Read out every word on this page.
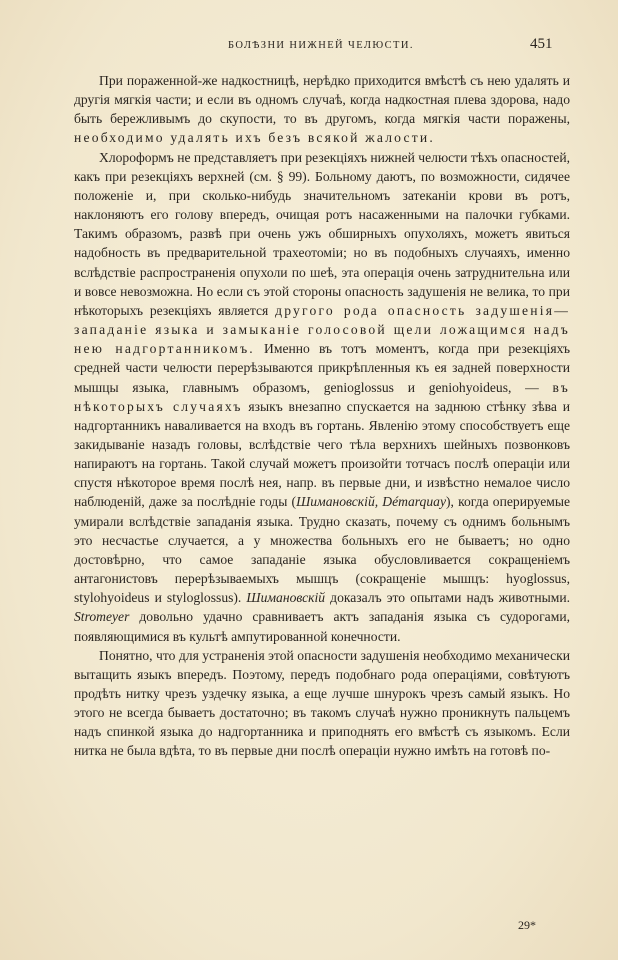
БОЛѢЗНИ НИЖНЕЙ ЧЕЛЮСТИ.	451

При пораженной-же надкостницѣ, нерѣдко приходится вмѣстѣ съ нею удалять и другія мягкія части; и если въ одномъ случаѣ, когда надкостная плева здорова, надо быть бережливымъ до скупости, то въ другомъ, когда мягкія части поражены, необходимо удалять ихъ безъ всякой жалости.

Хлороформъ не представляетъ при резекціяхъ нижней челюсти тѣхъ опасностей, какъ при резекціяхъ верхней (см. § 99). Больному даютъ, по возможности, сидячее положеніе и, при сколько-нибудь значительномъ затеканіи крови въ ротъ, наклоняютъ его голову впередъ, очищая ротъ насаженными на палочки губками. Такимъ образомъ, развѣ при очень ужъ обширныхъ опухоляхъ, можетъ явиться надобность въ предварительной трахеотоміи; но въ подобныхъ случаяхъ, именно вслѣдствіе распространенія опухоли по шеѣ, эта операція очень затруднительна или и вовсе невозможна. Но если съ этой стороны опасность задушенія не велика, то при нѣкоторыхъ резекціяхъ является другого рода опасность задушенія—западаніе языка и замыканіе голосовой щели ложащимся надъ нею надгортанникомъ. Именно въ тотъ моментъ, когда при резекціяхъ средней части челюсти перерѣзываются прикрѣпленныя къ ея задней поверхности мышцы языка, главнымъ образомъ, genioglossus и geniohyoideus, — въ нѣкоторыхъ случаяхъ языкъ внезапно спускается на заднюю стѣнку зѣва и надгортанникъ наваливается на входъ въ гортань. Явленію этому способствуетъ еще закидываніе назадъ головы, вслѣдствіе чего тѣла верхнихъ шейныхъ позвонковъ напираютъ на гортань. Такой случай можетъ произойти тотчасъ послѣ операціи или спустя нѣкоторое время послѣ нея, напр. въ первые дни, и извѣстно немалое число наблюденій, даже за послѣдніе годы (Шимановскій, Démarquay), когда оперируемые умирали вслѣдствіе западанія языка. Трудно сказать, почему съ однимъ больнымъ это несчастье случается, а у множества больныхъ его не бываетъ; но одно достовѣрно, что самое западаніе языка обусловливается сокращеніемъ антагонистовъ перерѣзываемыхъ мышцъ (сокращеніе мышцъ: hyoglossus, stylohyoideus и styloglossus). Шимановскій доказалъ это опытами надъ животными. Stromeyer довольно удачно сравниваетъ актъ западанія языка съ судорогами, появляющимися въ культѣ ампутированной конечности.

Понятно, что для устраненія этой опасности задушенія необходимо механически вытащить языкъ впередъ. Поэтому, передъ подобнаго рода операціями, совѣтуютъ продѣть нитку чрезъ уздечку языка, а еще лучше шнурокъ чрезъ самый языкъ. Но этого не всегда бываетъ достаточно; въ такомъ случаѣ нужно проникнуть пальцемъ надъ спинкой языка до надгортанника и приподнять его вмѣстѣ съ языкомъ. Если нитка не была вдѣта, то въ первые дни послѣ операціи нужно имѣть на готовѣ по-

29*
